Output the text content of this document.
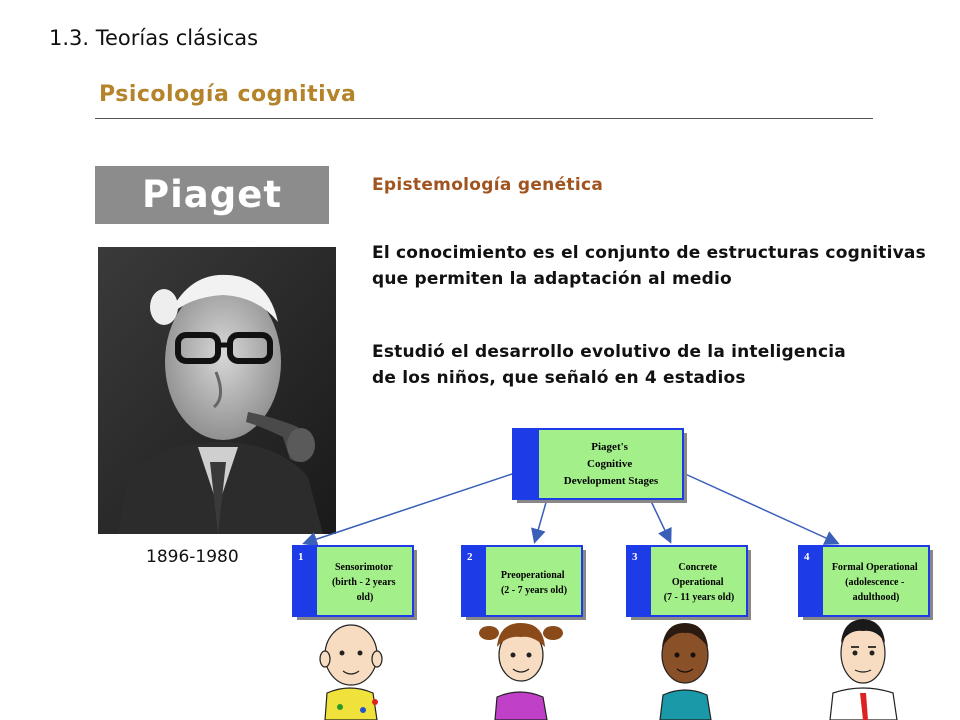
1.3. Teorías clásicas
Psicología cognitiva
Piaget
1896-1980
Epistemología genética
El conocimiento es el conjunto de estructuras cognitivas que permiten la adaptación al medio
Estudió el desarrollo evolutivo de la inteligencia de los niños, que señaló en 4 estadios
Piaget's Cognitive Development Stages
1
Sensorimotor (birth - 2 years old)
2
Preoperational (2 - 7 years old)
3
Concrete Operational (7 - 11 years old)
4
Formal Operational (adolescence - adulthood)
